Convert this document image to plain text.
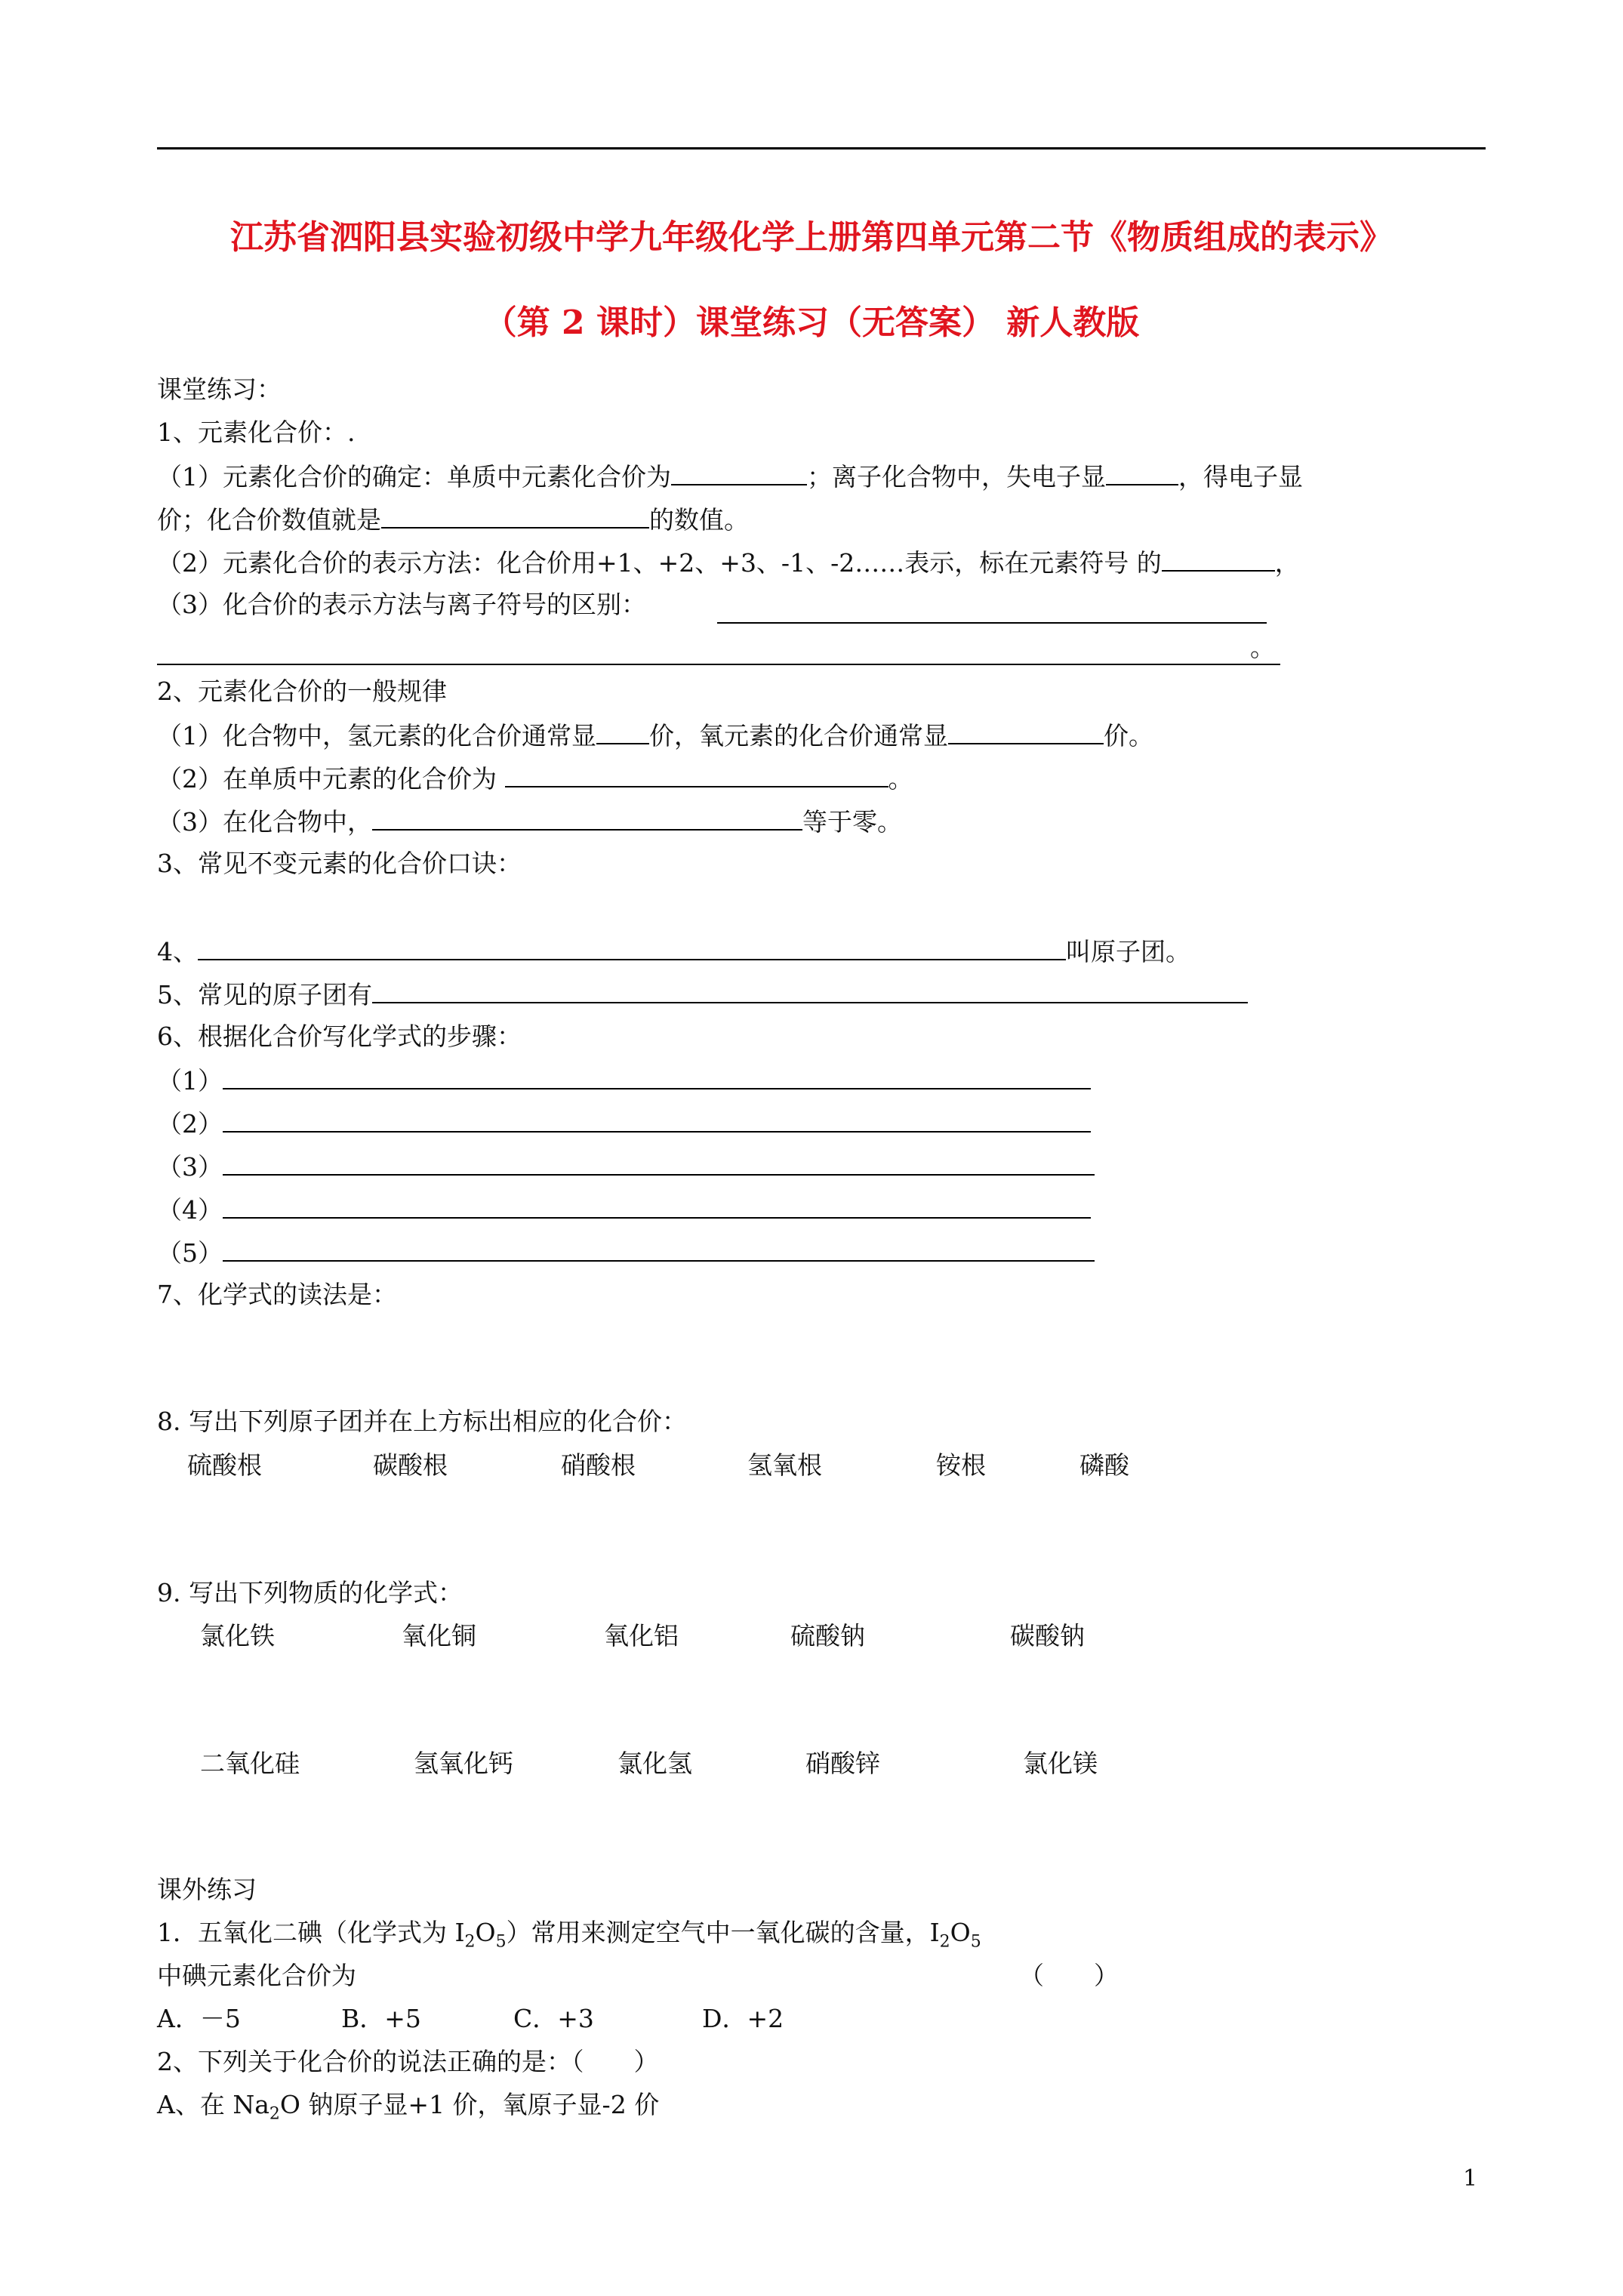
江苏省泗阳县实验初级中学九年级化学上册第四单元第二节《物质组成的表示》
（第 2 课时）课堂练习（无答案） 新人教版
课堂练习：
1、元素化合价：.
（1）元素化合价的确定：单质中元素化合价为	；离子化合物中，失电子显	，得电子显
价；化合价数值就是	的数值。
（2）元素化合价的表示方法：化合价用+1、+2、+3、-1、-2……表示，标在元素符号 的	，
（3）化合价的表示方法与离子符号的区别：
。
2、元素化合价的一般规律
（1）化合物中，氢元素的化合价通常显 价，氧元素的化合价通常显	价。
（2）在单质中元素的化合价为	。
（3）在化合物中，	等于零。
3、常见不变元素的化合价口诀：
4、	叫原子团。
5、常见的原子团有
6、根据化合价写化学式的步骤：
（1）
（2）
（3）
（4）
（5）
7、化学式的读法是：
8. 写出下列原子团并在上方标出相应的化合价：
硫酸根	碳酸根	硝酸根	氢氧根	铵根	磷酸
9. 写出下列物质的化学式：
氯化铁	氧化铜	氧化铝	硫酸钠	碳酸钠
二氧化硅	氢氧化钙	氯化氢	硝酸锌	氯化镁
课外练习
1．五氧化二碘（化学式为 $I_2O_5$）常用来测定空气中一氧化碳的含量，$I_2O_5$
中碘元素化合价为	（　　）
A．－5	B．+5	C．+3	D．+2
2、下列关于化合价的说法正确的是：（　　）
A、在 $Na_2O$ 钠原子显+1 价，氧原子显-2 价
1
